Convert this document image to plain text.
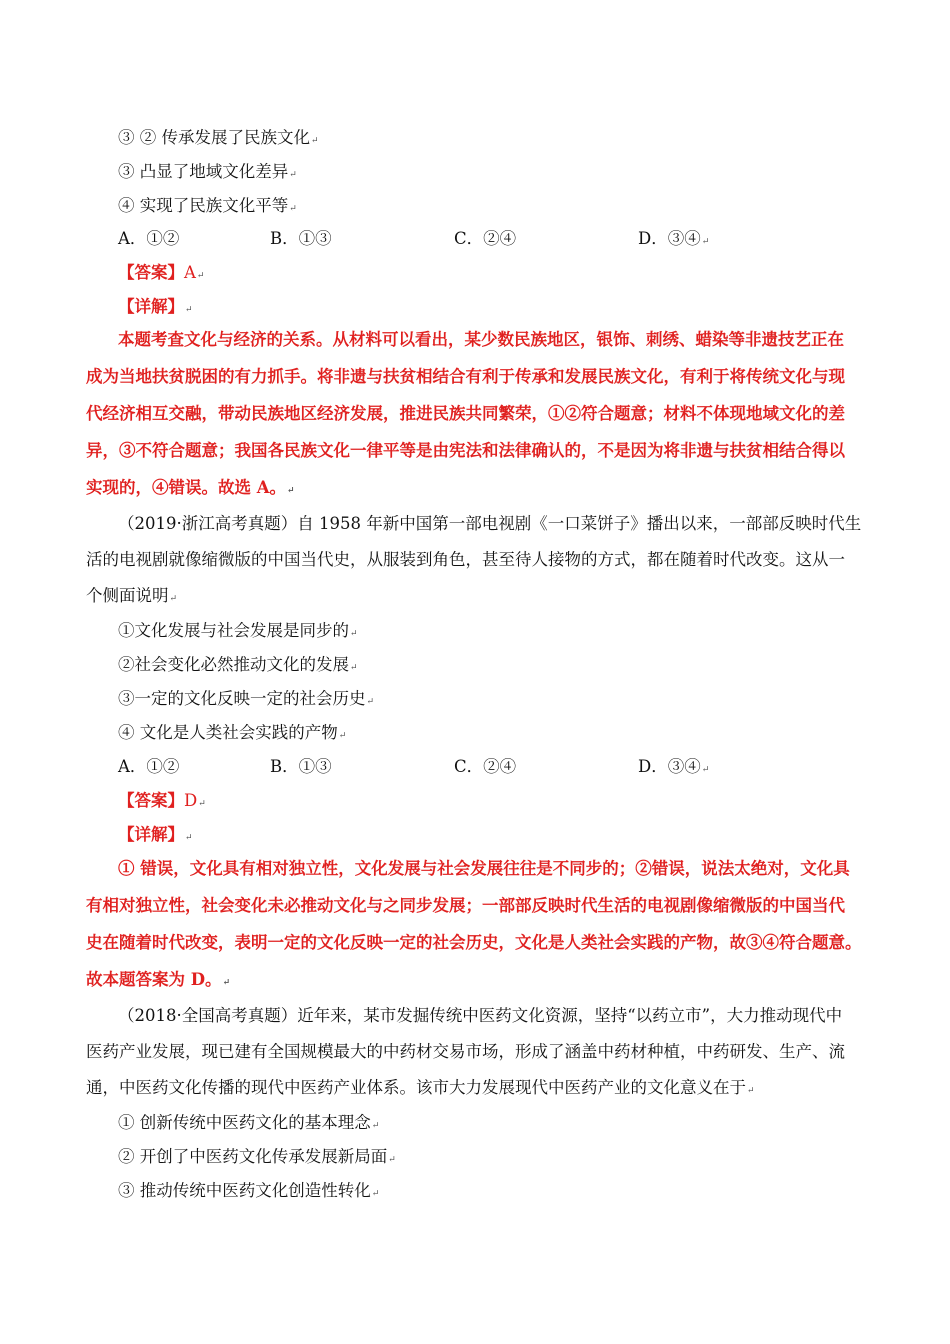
③ ② 传承发展了民族文化↵
③ 凸显了地域文化差异↵
④ 实现了民族文化平等↵
A．①②	B．①③	C．②④	D．③④↵
【答案】A↵
【详解】↵
本题考查文化与经济的关系。从材料可以看出，某少数民族地区，银饰、刺绣、蜡染等非遗技艺正在
成为当地扶贫脱困的有力抓手。将非遗与扶贫相结合有利于传承和发展民族文化，有利于将传统文化与现
代经济相互交融，带动民族地区经济发展，推进民族共同繁荣，①②符合题意；材料不体现地域文化的差
异，③不符合题意；我国各民族文化一律平等是由宪法和法律确认的，不是因为将非遗与扶贫相结合得以
实现的，④错误。故选 A。↵
（2019·浙江高考真题）自 1958 年新中国第一部电视剧《一口菜饼子》播出以来，一部部反映时代生
活的电视剧就像缩微版的中国当代史，从服装到角色，甚至待人接物的方式，都在随着时代改变。这从一
个侧面说明↵
①文化发展与社会发展是同步的↵
②社会变化必然推动文化的发展↵
③一定的文化反映一定的社会历史↵
④ 文化是人类社会实践的产物↵
A．①②	B．①③	C．②④	D．③④↵
【答案】D↵
【详解】↵
① 错误，文化具有相对独立性，文化发展与社会发展往往是不同步的；②错误，说法太绝对，文化具
有相对独立性，社会变化未必推动文化与之同步发展；一部部反映时代生活的电视剧像缩微版的中国当代
史在随着时代改变，表明一定的文化反映一定的社会历史，文化是人类社会实践的产物，故③④符合题意。
故本题答案为 D。↵
（2018·全国高考真题）近年来，某市发掘传统中医药文化资源，坚持“以药立市”，大力推动现代中
医药产业发展，现已建有全国规模最大的中药材交易市场，形成了涵盖中药材种植，中药研发、生产、流
通，中医药文化传播的现代中医药产业体系。该市大力发展现代中医药产业的文化意义在于↵
① 创新传统中医药文化的基本理念↵
② 开创了中医药文化传承发展新局面↵
③ 推动传统中医药文化创造性转化↵
